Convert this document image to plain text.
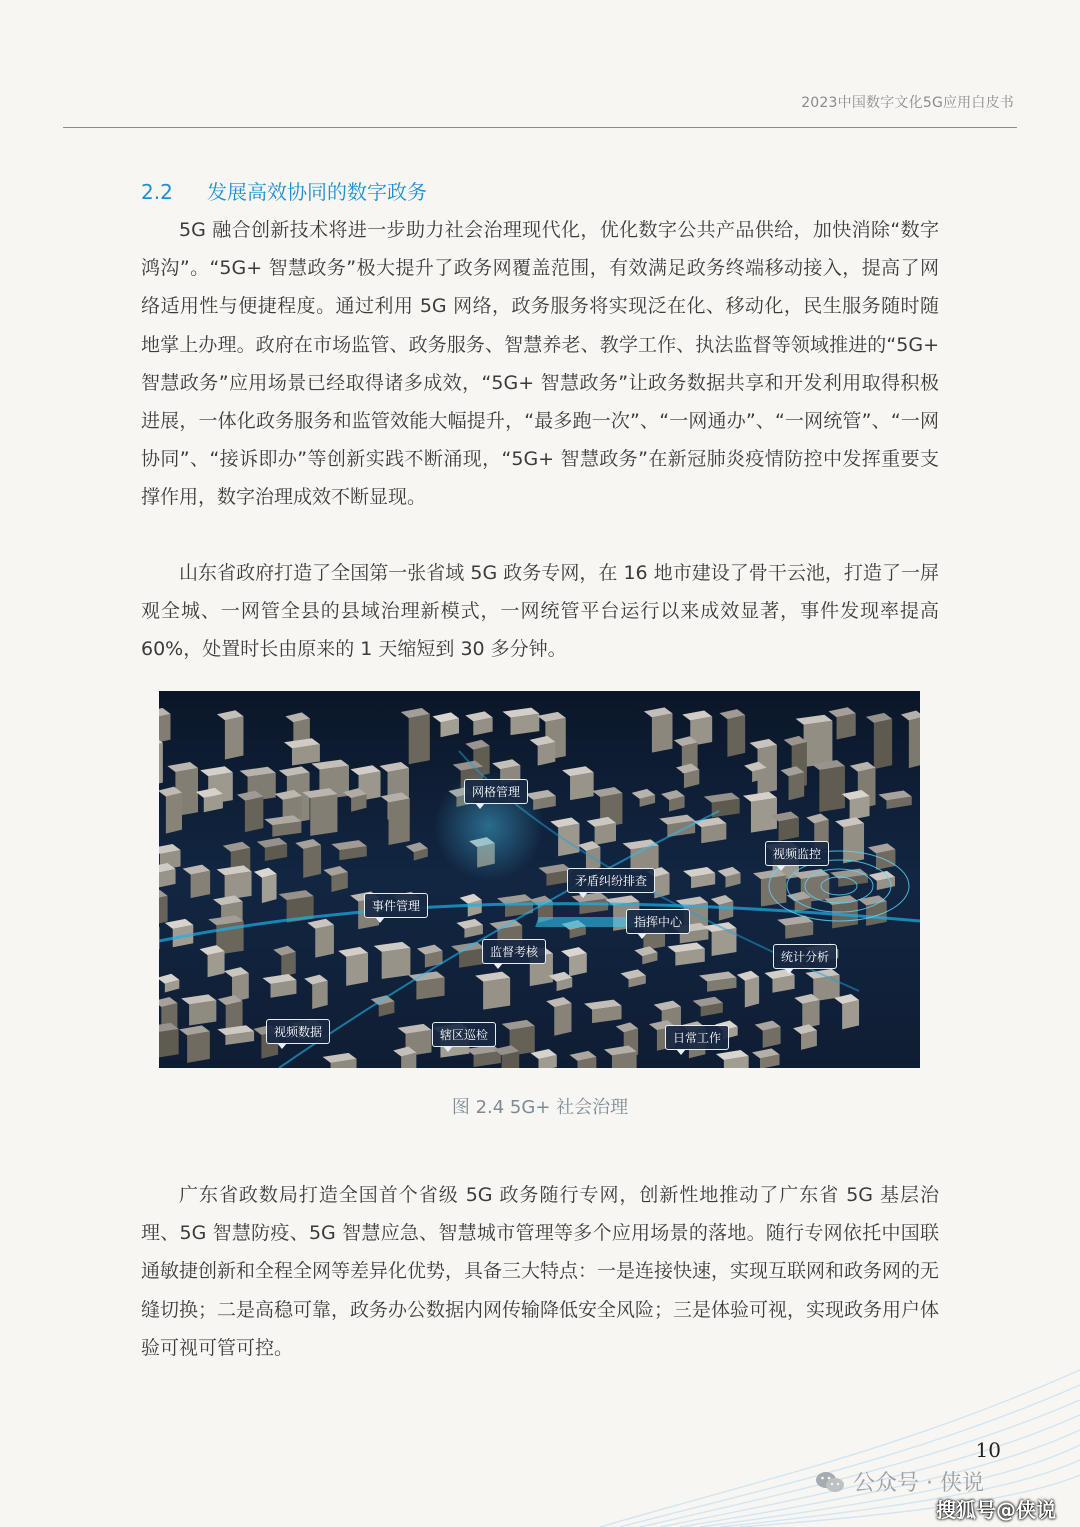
2023中国数字文化5G应用白皮书
2.2 发展高效协同的数字政务

5G 融合创新技术将进一步助力社会治理现代化，优化数字公共产品供给，加快消除“数字鸿沟”。“5G+ 智慧政务”极大提升了政务网覆盖范围，有效满足政务终端移动接入，提高了网络适用性与便捷程度。通过利用 5G 网络，政务服务将实现泛在化、移动化，民生服务随时随地掌上办理。政府在市场监管、政务服务、智慧养老、教学工作、执法监督等领域推进的“5G+ 智慧政务”应用场景已经取得诸多成效，“5G+ 智慧政务”让政务数据共享和开发利用取得积极进展，一体化政务服务和监管效能大幅提升，“最多跑一次”、“一网通办”、“一网统管”、“一网协同”、“接诉即办”等创新实践不断涌现，“5G+ 智慧政务”在新冠肺炎疫情防控中发挥重要支撑作用，数字治理成效不断显现。

山东省政府打造了全国第一张省域 5G 政务专网，在 16 地市建设了骨干云池，打造了一屏观全城、一网管全县的县域治理新模式，一网统管平台运行以来成效显著，事件发现率提高 60%，处置时长由原来的 1 天缩短到 30 多分钟。

网格管理
视频监控
矛盾纠纷排查
事件管理
指挥中心
监督考核	统计分析
视频数据	辖区巡检	日常工作
图 2.4 5G+ 社会治理

广东省政数局打造全国首个省级 5G 政务随行专网，创新性地推动了广东省 5G 基层治理、5G 智慧防疫、5G 智慧应急、智慧城市管理等多个应用场景的落地。随行专网依托中国联通敏捷创新和全程全网等差异化优势，具备三大特点：一是连接快速，实现互联网和政务网的无缝切换；二是高稳可靠，政务办公数据内网传输降低安全风险；三是体验可视，实现政务用户体验可视可管可控。

10
公众号 · 侠说
搜狐号@侠说
